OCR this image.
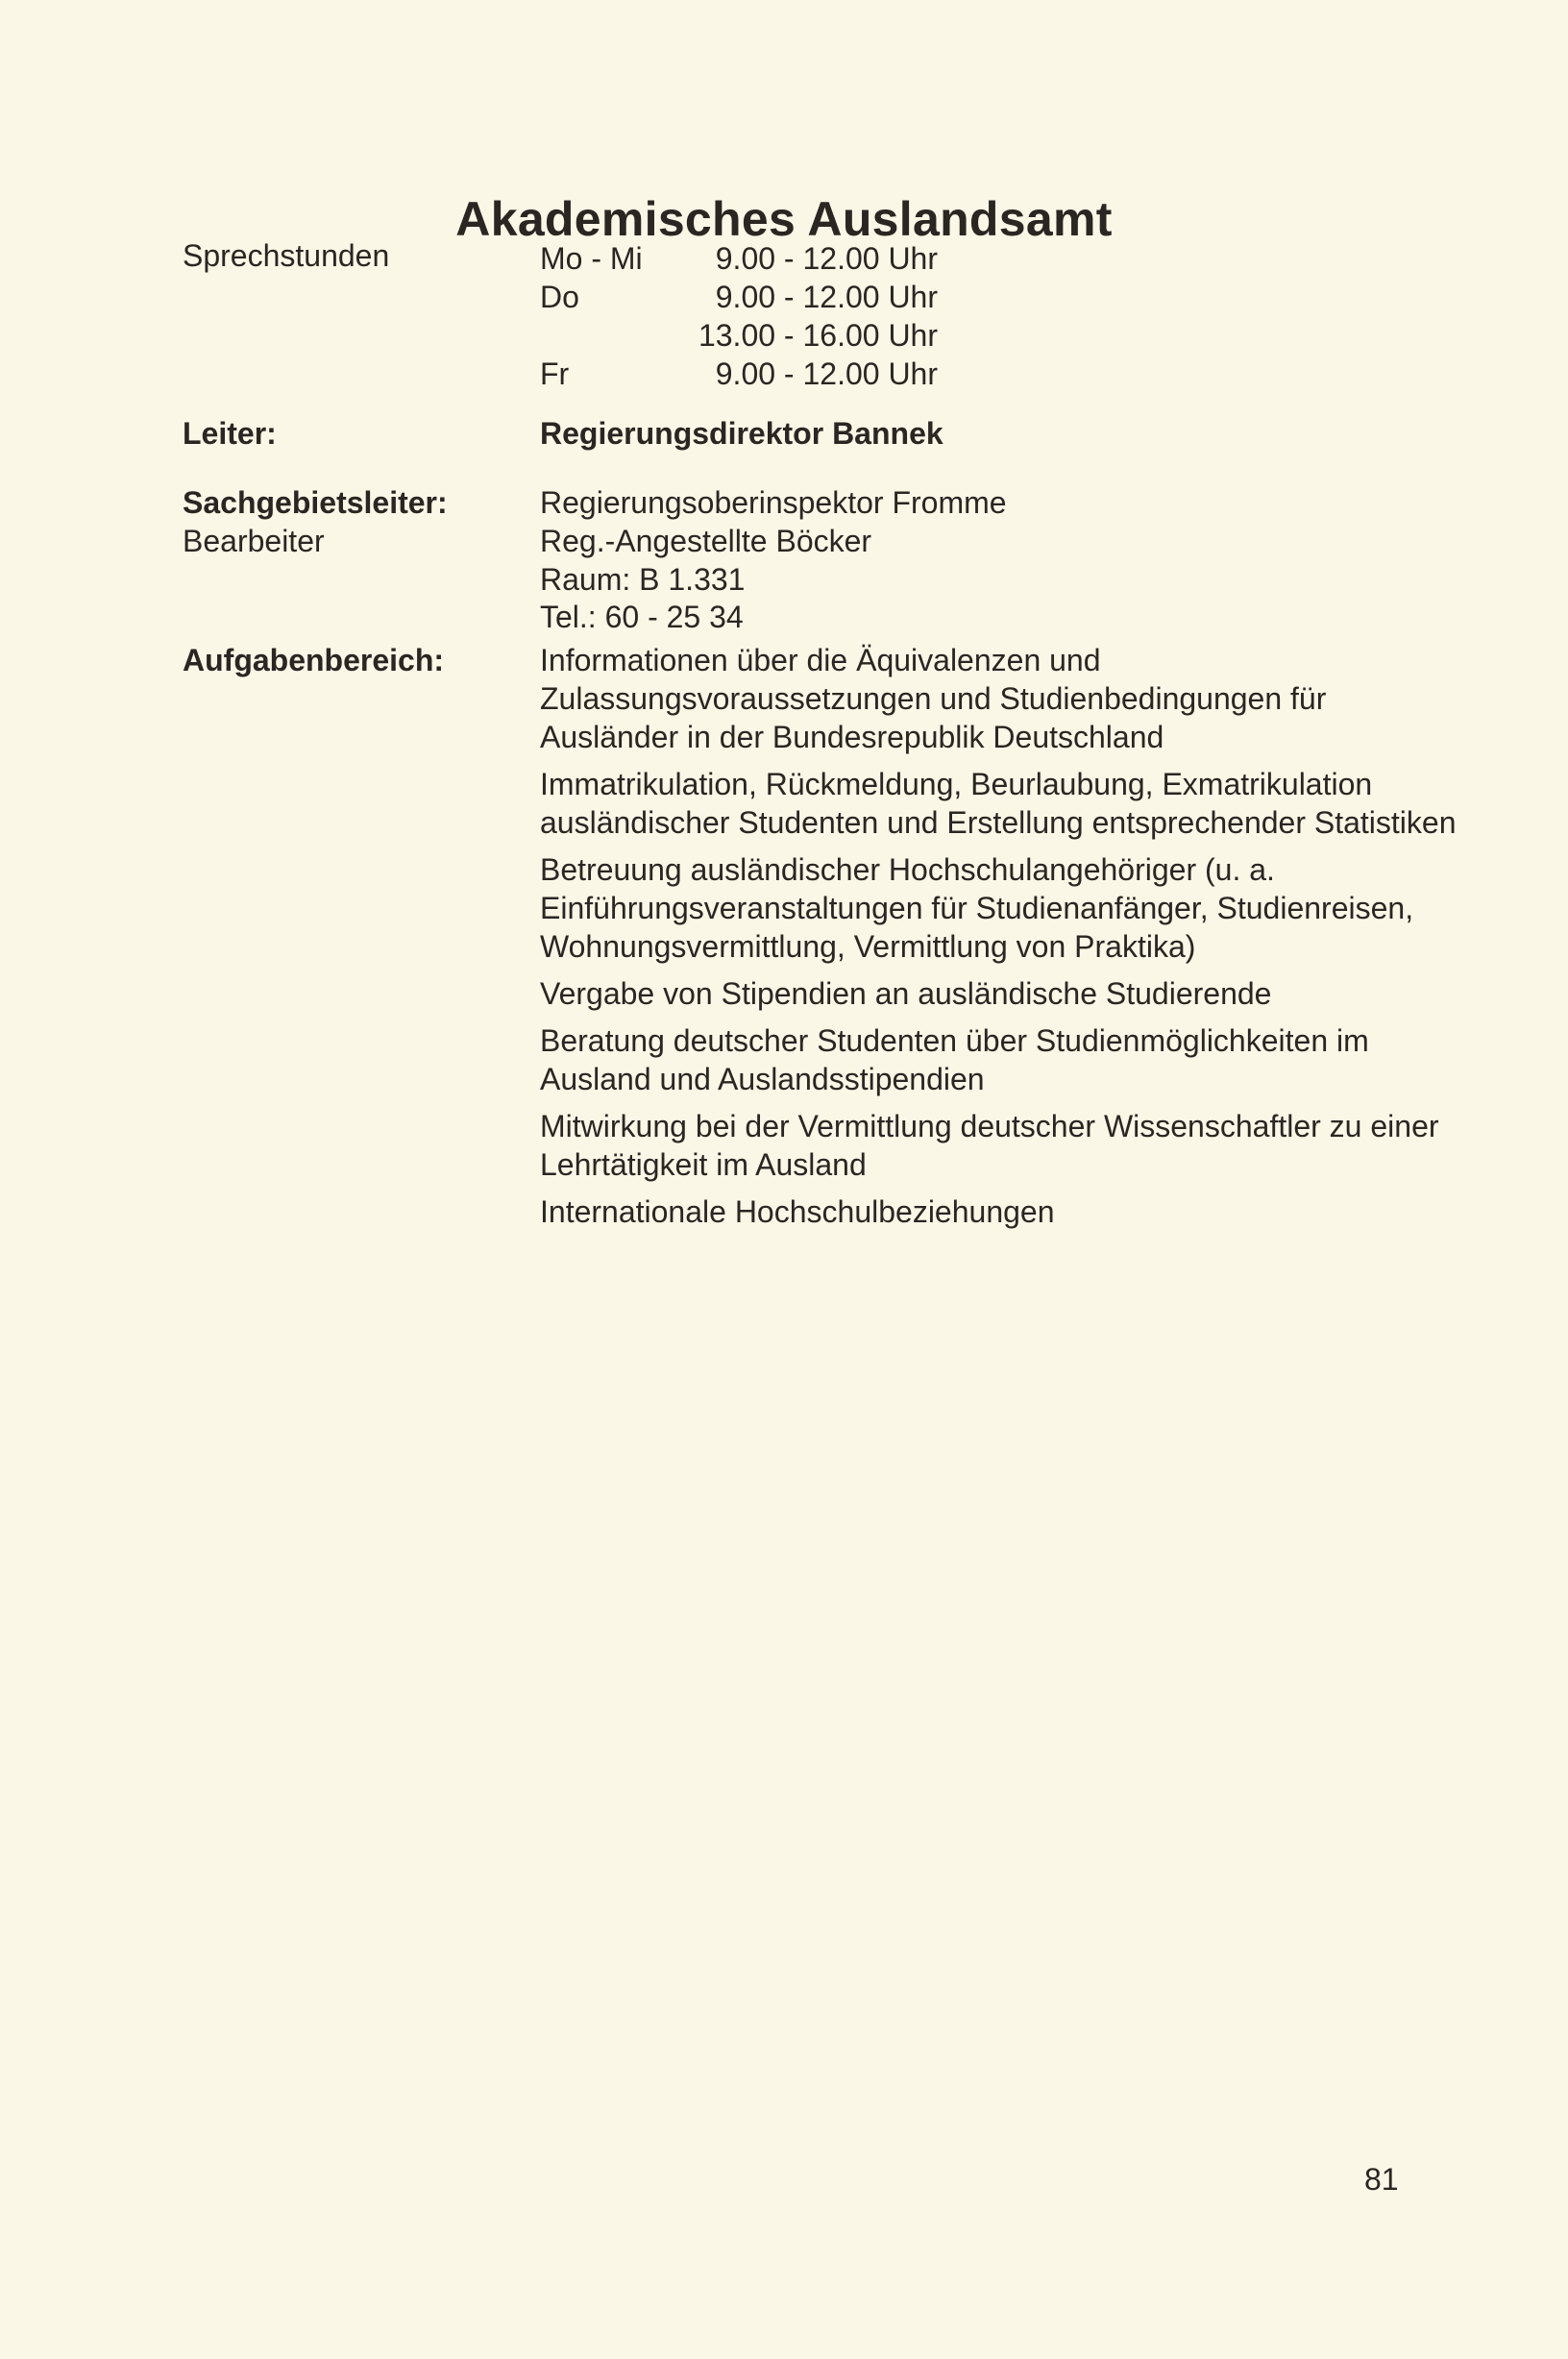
Akademisches Auslandsamt
Sprechstunden	Mo - Mi 9.00 - 12.00 Uhr
Do	9.00 - 12.00 Uhr
13.00 - 16.00 Uhr
Fr	9.00 - 12.00 Uhr
Leiter:	Regierungsdirektor Bannek
Sachgebietsleiter:	Regierungsoberinspektor Fromme
Bearbeiter	Reg.-Angestellte Böcker
Raum: B 1.331
Tel.: 60 - 25 34
Aufgabenbereich:	Informationen über die Äquivalenzen und Zulassungsvoraussetzungen und Studienbedingungen für Ausländer in der Bundesrepublik Deutschland
Immatrikulation, Rückmeldung, Beurlaubung, Exmatrikulation ausländischer Studenten und Erstellung entsprechender Statistiken
Betreuung ausländischer Hochschulangehöriger (u. a. Einführungsveranstaltungen für Studienanfänger, Studienreisen, Wohnungsvermittlung, Vermittlung von Praktika)
Vergabe von Stipendien an ausländische Studierende
Beratung deutscher Studenten über Studienmöglichkeiten im Ausland und Auslandsstipendien
Mitwirkung bei der Vermittlung deutscher Wissenschaftler zu einer Lehrtätigkeit im Ausland
Internationale Hochschulbeziehungen
81
